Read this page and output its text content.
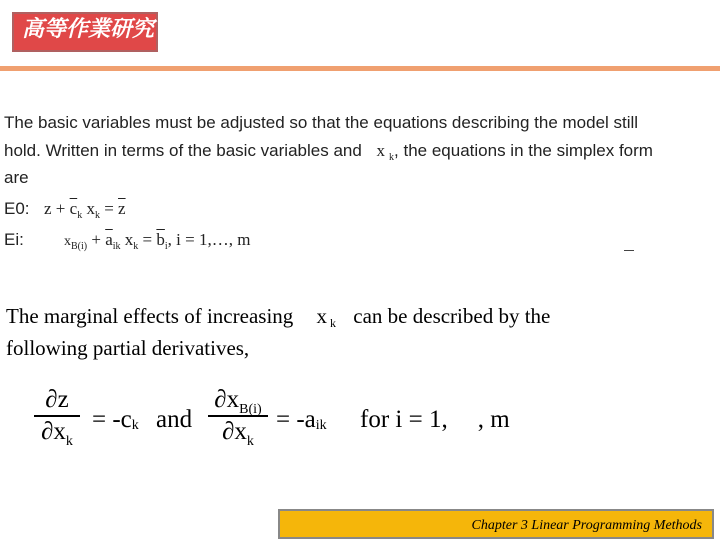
高等作業研究
The basic variables must be adjusted so that the equations describing the model still
hold. Written in terms of the basic variables and x $_k$, the equations in the simplex form
are
E0: $z + \overline{c}_k$ $x_k = \overline{z}$
Ei:	$x_{B(i)} + \overline{a}_{ik}$ $x_k = \overline{b}_i$, i = 1,…, m
The marginal effects of increasing x k can be described by the
following partial derivatives,
∂z
$\partial x_k$
= -ck and
$\partial x_{B(i)}$
$\partial x_k$
= -aik for i = 1, , m
Chapter 3 Linear Programming Methods
